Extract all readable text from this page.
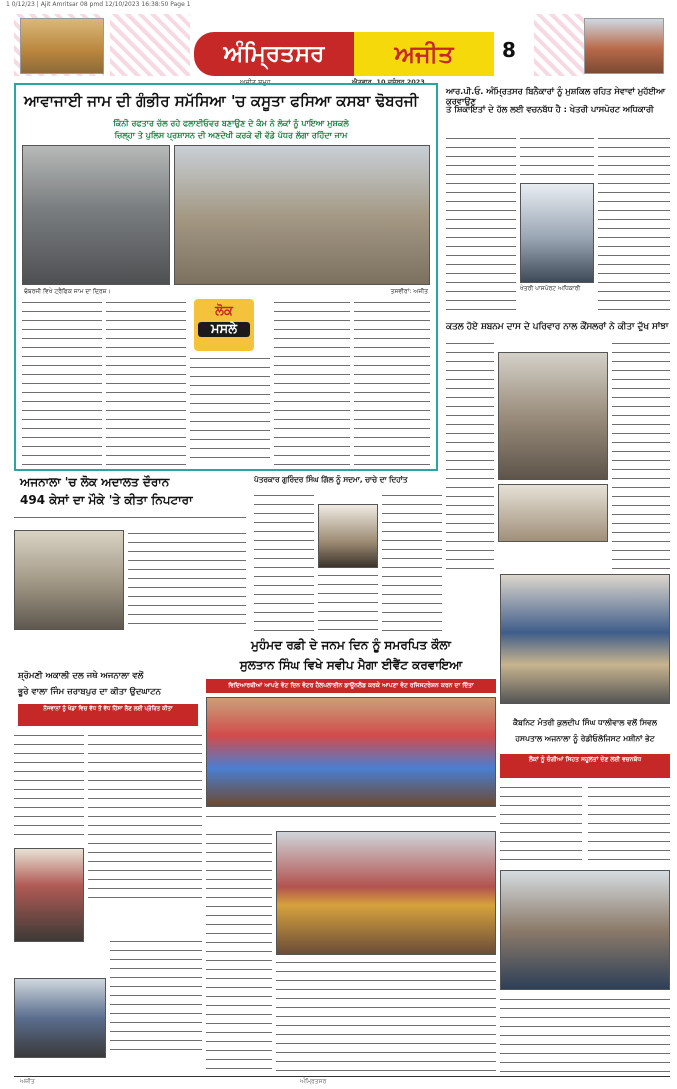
1 0/12/23 | Ajit Amritsar 08 pmd 12/10/2023 16:38:50 Page 1
ਅੰਮ੍ਰਿਤਸਰ	ਅਜੀਤ
ਅਜੀਤ ਸਮੂਹ	ਐਤਵਾਰ, 10 ਦਸੰਬਰ 2023
8
ਆਵਾਜਾਈ ਜਾਮ ਦੀ ਗੰਭੀਰ ਸਮੱਸਿਆ 'ਚ ਕਸੂਤਾ ਫਸਿਆ ਕਸਬਾ ਢੋਬਰਜੀ
ਕਿੰਨੀ ਰਫਤਾਰ ਚੱਲ ਰਹੇ ਫਲਾਈਓਵਰ ਬਣਾਉਣ ਦੇ ਕੰਮ ਨੇ ਲੋਕਾਂ ਨੂੰ ਪਾਇਆ ਮੁਸ਼ਕਲੇ
ਜ਼ਿਲ੍ਹਾ ਤੇ ਪੁਲਿਸ ਪ੍ਰਸ਼ਾਸਨ ਦੀ ਅਣਦੇਖੀ ਕਰਕੇ ਵੀ ਵੱਡੇ ਪੱਧਰ ਲੱਗਾ ਰਹਿੰਦਾ ਜਾਮ
ਢੋਬਰਜੀ ਵਿਖੇ ਟ੍ਰੈਫਿਕ ਜਾਮ ਦਾ ਦ੍ਰਿਸ਼।	ਤਸਵੀਰਾਂ: ਅਜੀਤ
ਲੋਕ
ਮਸਲੇ
ਆਰ.ਪੀ.ਓ. ਅੰਮ੍ਰਿਤਸਰ ਬਿਨੈਕਾਰਾਂ ਨੂੰ ਮੁਸ਼ਕਿਲ ਰਹਿਤ ਸੇਵਾਵਾਂ ਮੁਹੱਈਆ ਕਰਵਾਉਣ
ਤੇ ਸ਼ਿਕਾਇਤਾਂ ਦੇ ਹੱਲ ਲਈ ਵਚਨਬੱਧ ਹੈ : ਖੇਤਰੀ ਪਾਸਪੋਰਟ ਅਧਿਕਾਰੀ
ਖੇਤਰੀ ਪਾਸਪੋਰਟ ਅਧਿਕਾਰੀ
ਕਤਲ ਹੋਏ ਸ਼ਬਨਮ ਦਾਸ ਦੇ ਪਰਿਵਾਰ ਨਾਲ ਕੌਂਸਲਰਾਂ ਨੇ ਕੀਤਾ ਦੁੱਖ ਸਾਂਝਾ
ਅਜਨਾਲਾ 'ਚ ਲੋਕ ਅਦਾਲਤ ਦੌਰਾਨ
494 ਕੇਸਾਂ ਦਾ ਮੌਕੇ 'ਤੇ ਕੀਤਾ ਨਿਪਟਾਰਾ
ਪੱਤਰਕਾਰ ਗੁਰਿੰਦਰ ਸਿੰਘ ਗਿੱਲ ਨੂੰ ਸਦਮਾ, ਚਾਚੇ ਦਾ ਦਿਹਾਂਤ
ਮੁਹੰਮਦ ਰਫ਼ੀ ਦੇ ਜਨਮ ਦਿਨ ਨੂੰ ਸਮਰਪਿਤ ਕੌਲਾ
ਸੁਲਤਾਨ ਸਿੰਘ ਵਿਖੇ ਸਵੀਪ ਮੈਗਾ ਈਵੈਂਟ ਕਰਵਾਇਆ
ਵਿਦਿਆਰਥੀਆਂ ਆਪਣੇ ਵੋਟ ਦਿਨ ਵੋਟਰ ਹੈਲਪਲਾਈਨ ਡਾਊਨਲੋਡ ਕਰਕੇ ਆਪਣਾ ਵੋਟ ਰਜਿਸਟਰੇਸ਼ਨ ਕਰਨ ਦਾ ਦਿੱਤਾ
ਸ਼੍ਰੋਮਣੀ ਅਕਾਲੀ ਦਲ ਜਥੇ ਅਜਨਾਲਾ ਵਲੋਂ
ਭੂਰੇ ਵਾਲਾ ਜਿੰਮ ਜ਼ਰਾਬਪੁਰ ਦਾ ਕੀਤਾ ਉਦਘਾਟਨ
ਨੌਜਵਾਨਾਂ ਨੂੰ ਖੇਡਾਂ ਵਿਚ ਵੱਧ ਤੋਂ ਵੱਧ ਹਿੱਸਾ ਲੈਣ ਲਈ ਪ੍ਰੇਰਿਤ ਕੀਤਾ
ਕੈਬਨਿਟ ਮੰਤਰੀ ਕੁਲਦੀਪ ਸਿੰਘ ਧਾਲੀਵਾਲ ਵਲੋਂ ਸਿਵਲ
ਹਸਪਤਾਲ ਅਜਨਾਲਾ ਨੂੰ ਰੇਡੀਓਲੋਜਿਸਟ ਮਸ਼ੀਨਾਂ ਭੇਟ
ਲੋਕਾਂ ਨੂੰ ਚੰਗੀਆਂ ਸਿਹਤ ਸਹੂਲਤਾਂ ਦੇਣ ਲਈ ਵਚਨਬੱਧ
ਅਜੀਤ	ਅੰਮ੍ਰਿਤਸਰ
